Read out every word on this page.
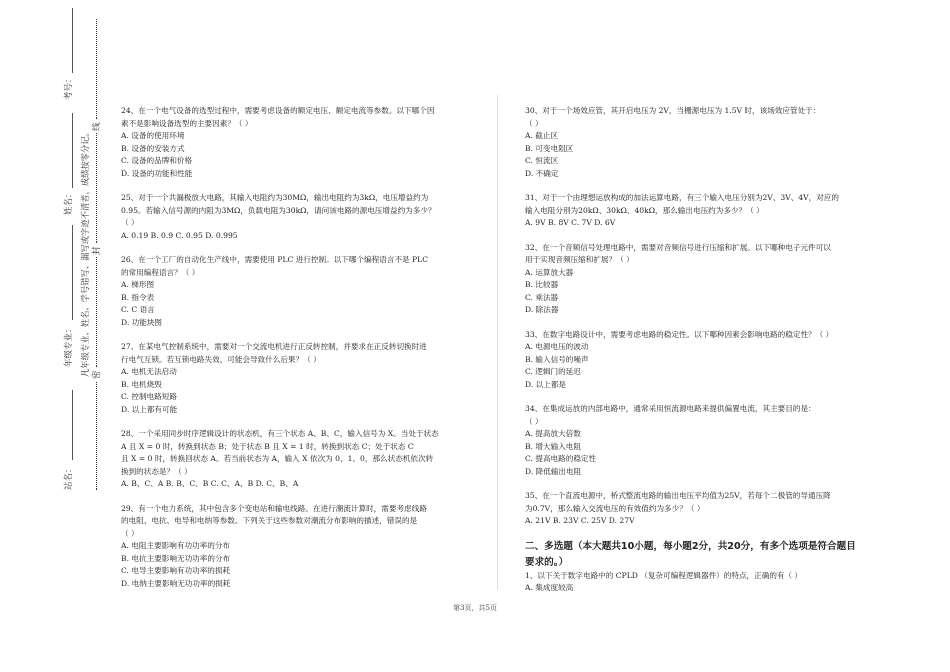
站名：
年级专业：
姓名：
考号：
凡年级专业、姓名、学号错写、漏写或字迹不清者，成绩按零分记。 密
封
线
24、在一个电气设备的选型过程中，需要考虑设备的额定电压、额定电流等参数。以下哪个因
素不是影响设备选型的主要因素？（ ）
A. 设备的使用环境
B. 设备的安装方式
C. 设备的品牌和价格
D. 设备的功能和性能
25、对于一个共漏极放大电路，其输入电阻约为30MΩ，输出电阻约为3kΩ，电压增益约为
0.95。若输入信号源的内阻为3MΩ，负载电阻为30kΩ，请问该电路的源电压增益约为多少？
（ ）
A. 0.19 B. 0.9 C. 0.95 D. 0.995
26、在一个工厂的自动化生产线中，需要使用 PLC 进行控制。以下哪个编程语言不是 PLC
的常用编程语言？（ ）
A. 梯形图
B. 指令表
C. C 语言
D. 功能块图
27、在某电气控制系统中，需要对一个交流电机进行正反转控制，并要求在正反转切换时进
行电气互锁。若互锁电路失效，可能会导致什么后果？（ ）
A. 电机无法启动
B. 电机烧毁
C. 控制电路短路
D. 以上都有可能
28、一个采用同步时序逻辑设计的状态机，有三个状态 A、B、C，输入信号为 X。当处于状态
A 且 X = 0 时，转换到状态 B；处于状态 B 且 X = 1 时，转换到状态 C；处于状态 C
且 X = 0 时，转换回状态 A。若当前状态为 A，输入 X 依次为 0、1、0，那么状态机依次转
换到的状态是？（ ）
A. B、C、A B. B、C、B C. C、A、B D. C、B、A
29、有一个电力系统，其中包含多个变电站和输电线路。在进行潮流计算时，需要考虑线路
的电阻、电抗、电导和电纳等参数。下列关于这些参数对潮流分布影响的描述，错误的是
（ ）
A. 电阻主要影响有功功率的分布
B. 电抗主要影响无功功率的分布
C. 电导主要影响有功功率的损耗
D. 电纳主要影响无功功率的损耗
30、对于一个场效应管，其开启电压为 2V，当栅源电压为 1.5V 时，该场效应管处于：
（ ）
A. 截止区
B. 可变电阻区
C. 恒流区
D. 不确定
31、对于一个由理想运放构成的加法运算电路，有三个输入电压分别为2V、3V、4V，对应的
输入电阻分别为20kΩ、30kΩ、40kΩ，那么输出电压约为多少？（ ）
A. 9V B. 8V C. 7V D. 6V
32、在一个音频信号处理电路中，需要对音频信号进行压缩和扩展。以下哪种电子元件可以
用于实现音频压缩和扩展？（ ）
A. 运算放大器
B. 比较器
C. 乘法器
D. 除法器
33、在数字电路设计中，需要考虑电路的稳定性。以下哪种因素会影响电路的稳定性？（ ）
A. 电源电压的波动
B. 输入信号的噪声
C. 逻辑门的延迟
D. 以上都是
34、在集成运放的内部电路中，通常采用恒流源电路来提供偏置电流，其主要目的是：
（ ）
A. 提高放大倍数
B. 增大输入电阻
C. 提高电路的稳定性
D. 降低输出电阻
35、在一个直流电源中，桥式整流电路的输出电压平均值为25V，若每个二极管的导通压降
为0.7V，那么输入交流电压的有效值约为多少？（ ）
A. 21V B. 23V C. 25V D. 27V
二、多选题（本大题共10小题，每小题2分，共20分，有多个选项是符合题目
要求的。）
1、以下关于数字电路中的 CPLD （复杂可编程逻辑器件）的特点，正确的有（ ）
A. 集成度较高
第3页，共5页
